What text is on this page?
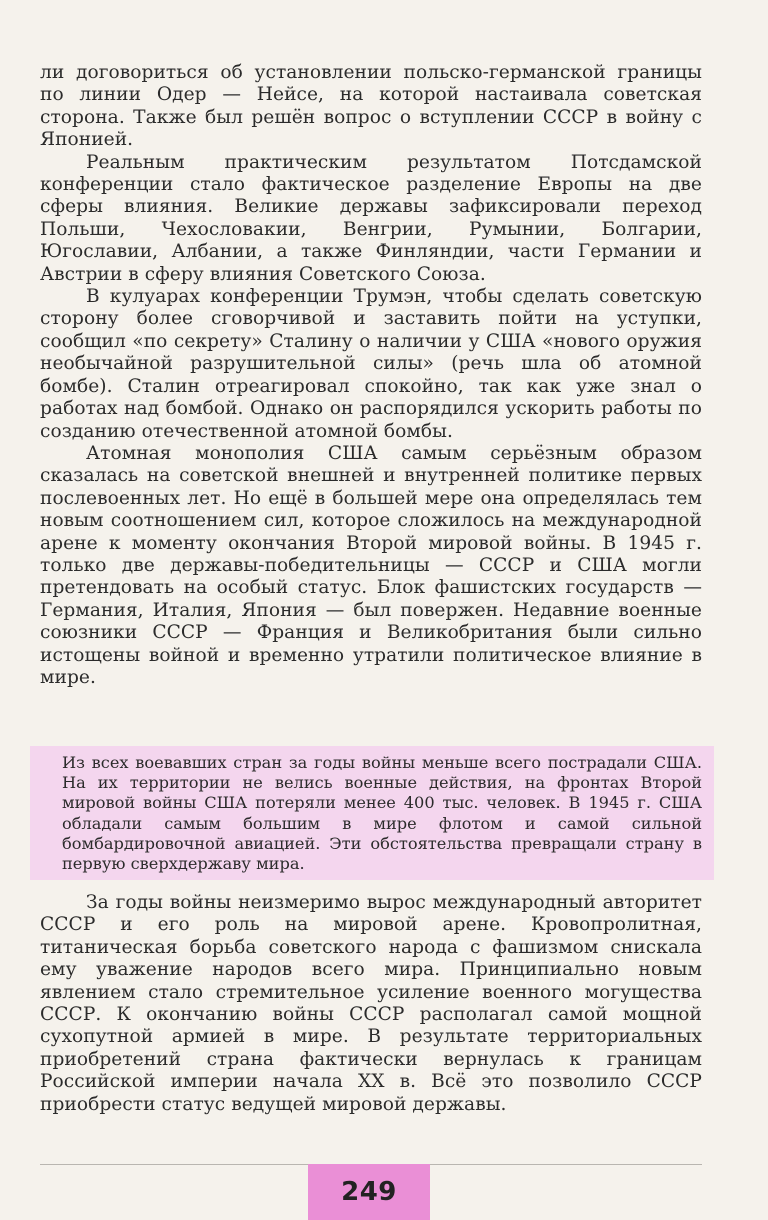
ли договориться об установлении польско-германской границы по линии Одер — Нейсе, на которой настаивала советская сторона. Также был решён вопрос о вступлении СССР в войну с Японией.

Реальным практическим результатом Потсдамской конференции стало фактическое разделение Европы на две сферы влияния. Великие державы зафиксировали переход Польши, Чехословакии, Венгрии, Румынии, Болгарии, Югославии, Албании, а также Финляндии, части Германии и Австрии в сферу влияния Советского Союза.

В кулуарах конференции Трумэн, чтобы сделать советскую сторону более сговорчивой и заставить пойти на уступки, сообщил «по секрету» Сталину о наличии у США «нового оружия необычайной разрушительной силы» (речь шла об атомной бомбе). Сталин отреагировал спокойно, так как уже знал о работах над бомбой. Однако он распорядился ускорить работы по созданию отечественной атомной бомбы.

Атомная монополия США самым серьёзным образом сказалась на советской внешней и внутренней политике первых послевоенных лет. Но ещё в большей мере она определялась тем новым соотношением сил, которое сложилось на международной арене к моменту окончания Второй мировой войны. В 1945 г. только две державы-победительницы — СССР и США могли претендовать на особый статус. Блок фашистских государств — Германия, Италия, Япония — был повержен. Недавние военные союзники СССР — Франция и Великобритания были сильно истощены войной и временно утратили политическое влияние в мире.

Из всех воевавших стран за годы войны меньше всего пострадали США. На их территории не велись военные действия, на фронтах Второй мировой войны США потеряли менее 400 тыс. человек. В 1945 г. США обладали самым большим в мире флотом и самой сильной бомбардировочной авиацией. Эти обстоятельства превращали страну в первую сверхдержаву мира.

За годы войны неизмеримо вырос международный авторитет СССР и его роль на мировой арене. Кровопролитная, титаническая борьба советского народа с фашизмом снискала ему уважение народов всего мира. Принципиально новым явлением стало стремительное усиление военного могущества СССР. К окончанию войны СССР располагал самой мощной сухопутной армией в мире. В результате территориальных приобретений страна фактически вернулась к границам Российской империи начала XX в. Всё это позволило СССР приобрести статус ведущей мировой державы.

249
